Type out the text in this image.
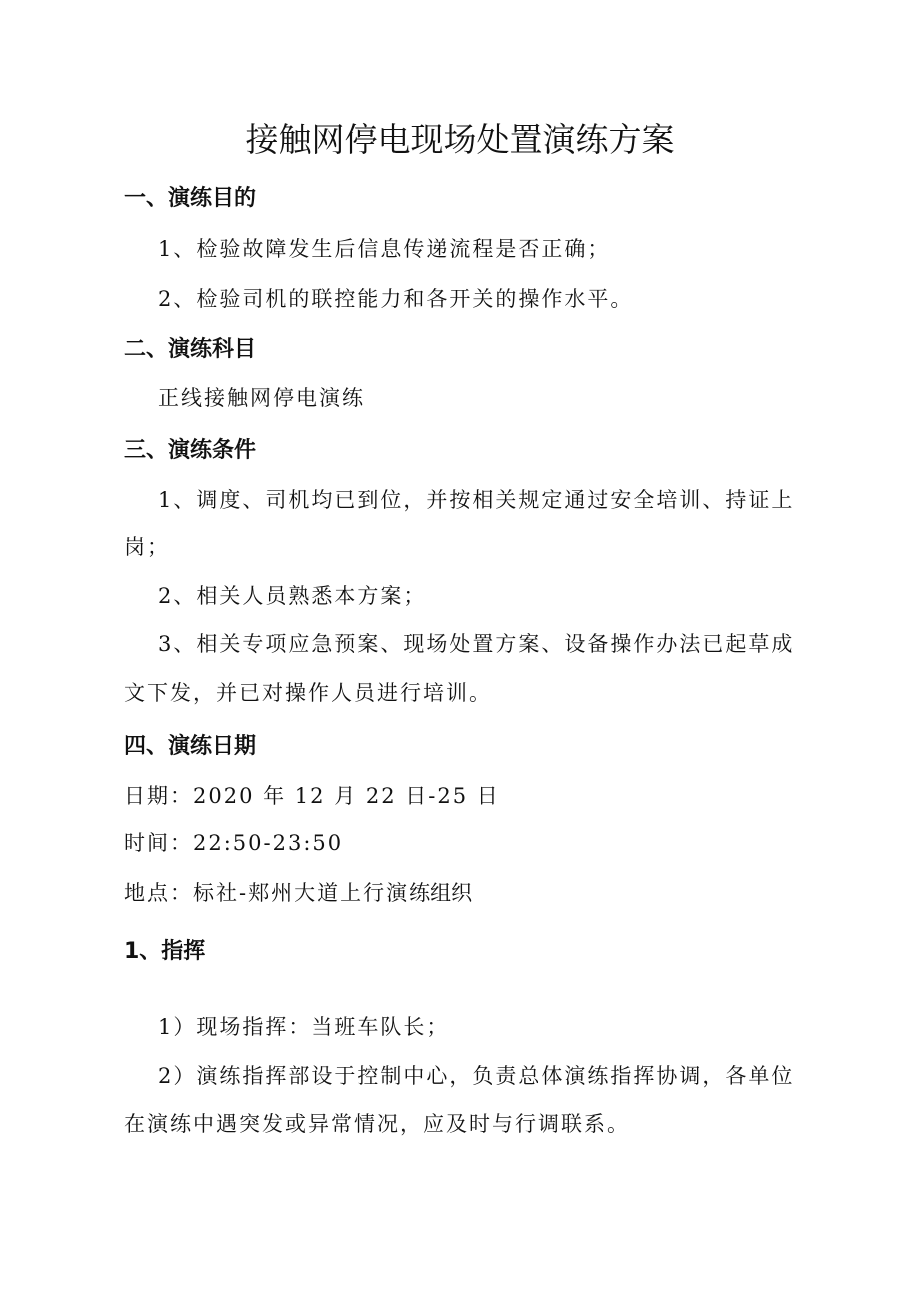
接触网停电现场处置演练方案
一、演练目的
1、检验故障发生后信息传递流程是否正确；
2、检验司机的联控能力和各开关的操作水平。
二、演练科目
正线接触网停电演练
三、演练条件
1、调度、司机均已到位，并按相关规定通过安全培训、持证上
岗；
2、相关人员熟悉本方案；
3、相关专项应急预案、现场处置方案、设备操作办法已起草成
文下发，并已对操作人员进行培训。
四、演练日期
日期：2020 年 12 月 22 日-25 日
时间：22:50-23:50
地点：标社-郏州大道上行演练组织
1、指挥
1）现场指挥：当班车队长；
2）演练指挥部设于控制中心，负责总体演练指挥协调，各单位
在演练中遇突发或异常情况，应及时与行调联系。
